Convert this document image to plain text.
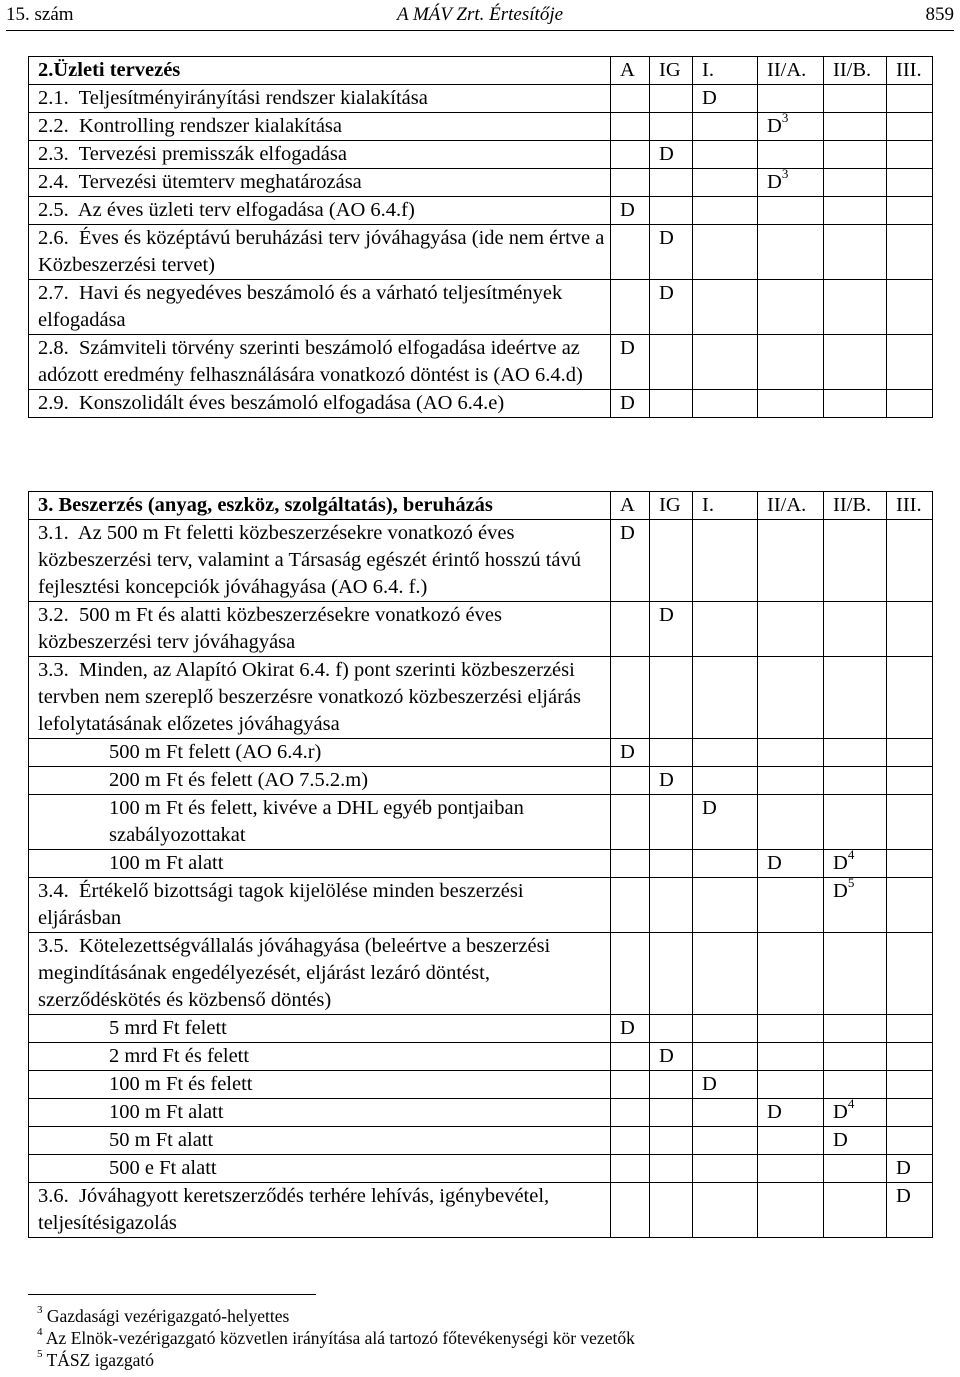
15. szám	A MÁV Zrt. Értesítője	859
2.Üzleti tervezés	A	IG	I.	II/A.	II/B.	III.
2.1.  Teljesítményirányítási rendszer kialakítása			D			
2.2.  Kontrolling rendszer kialakítása				$D^3$		
2.3.  Tervezési premisszák elfogadása		D				
2.4.  Tervezési ütemterv meghatározása				$D^3$		
2.5.  Az éves üzleti terv elfogadása (AO 6.4.f)	D					
2.6.  Éves és középtávú beruházási terv jóváhagyása (ide nem értve a Közbeszerzési tervet)		D				
2.7.  Havi és negyedéves beszámoló és a várható teljesítmények elfogadása		D				
2.8.  Számviteli törvény szerinti beszámoló elfogadása ideértve az adózott eredmény felhasználására vonatkozó döntést is (AO 6.4.d)	D					
2.9.  Konszolidált éves beszámoló elfogadása (AO 6.4.e)	D					
3. Beszerzés (anyag, eszköz, szolgáltatás), beruházás	A	IG	I.	II/A.	II/B.	III.
3.1.  Az 500 m Ft feletti közbeszerzésekre vonatkozó éves közbeszerzési terv, valamint a Társaság egészét érintő hosszú távú fejlesztési koncepciók jóváhagyása (AO 6.4. f.)	D					
3.2.  500 m Ft és alatti közbeszerzésekre vonatkozó éves közbeszerzési terv jóváhagyása		D				
3.3.  Minden, az Alapító Okirat 6.4. f) pont szerinti közbeszerzési tervben nem szereplő beszerzésre vonatkozó közbeszerzési eljárás lefolytatásának előzetes jóváhagyása						
500 m Ft felett (AO 6.4.r)	D					
200 m Ft és felett (AO 7.5.2.m)		D				
100 m Ft és felett, kivéve a DHL egyéb pontjaiban szabályozottakat			D			
100 m Ft alatt				D	$D^4$	
3.4.  Értékelő bizottsági tagok kijelölése minden beszerzési eljárásban					$D^5$	
3.5.  Kötelezettségvállalás jóváhagyása (beleértve a beszerzési megindításának engedélyezését, eljárást lezáró döntést, szerződéskötés és közbenső döntés)						
5 mrd Ft felett	D					
2 mrd Ft és felett		D				
100 m Ft és felett			D			
100 m Ft alatt				D	$D^4$	
50 m Ft alatt					D	
500 e Ft alatt						D
3.6.  Jóváhagyott keretszerződés terhére lehívás, igénybevétel, teljesítésigazolás						D
$^3$ Gazdasági vezérigazgató-helyettes
$^4$ Az Elnök-vezérigazgató közvetlen irányítása alá tartozó főtevékenységi kör vezetők
$^5$ TÁSZ igazgató
